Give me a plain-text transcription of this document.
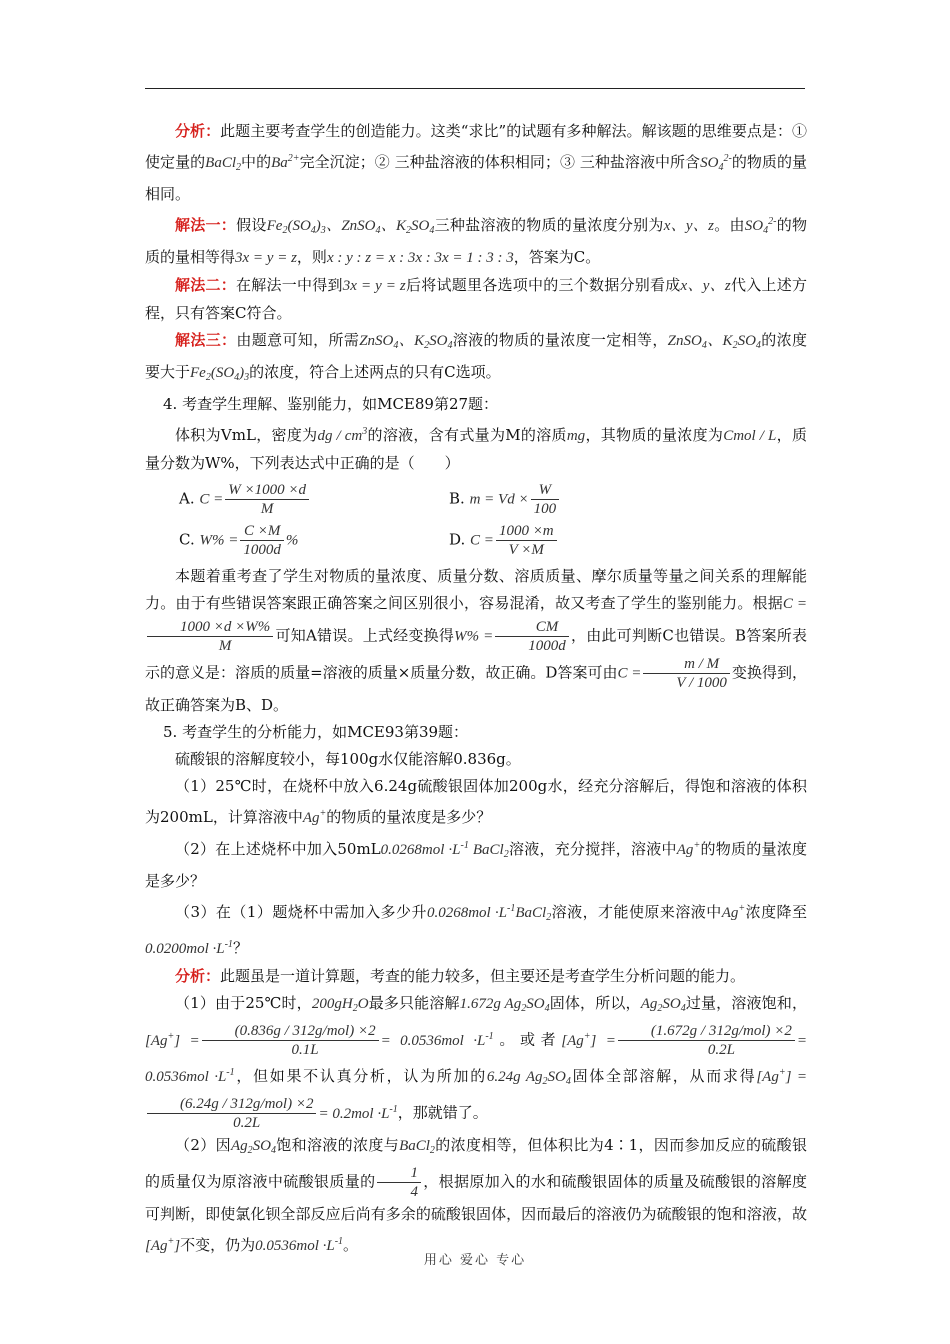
分析：此题主要考查学生的创造能力。这类“求比”的试题有多种解法。解该题的思维要点是：① 使定量的BaCl$_2$中的$Ba^{2+}$完全沉淀；② 三种盐溶液的体积相同；③ 三种盐溶液中所含$SO_4^{2-}$的物质的量相同。

解法一：假设$Fe_2(SO_4)_3$、ZnSO$_4$、$K_2SO_4$三种盐溶液的物质的量浓度分别为x、y、z。由$SO_4^{2-}$的物质的量相等得3x = y = z，则x : y : z = x : 3x : 3x = 1 : 3 : 3，答案为C。

解法二：在解法一中得到3x = y = z后将试题里各选项中的三个数据分别看成x、y、z代入上述方程，只有答案C符合。

解法三：由题意可知，所需ZnSO$_4$、$K_2SO_4$溶液的物质的量浓度一定相等，ZnSO$_4$、$K_2SO_4$的浓度要大于$Fe_2(SO_4)_3$的浓度，符合上述两点的只有C选项。

4. 考查学生理解、鉴别能力，如MCE89第27题：

体积为VmL，密度为dg / $cm^3$的溶液，含有式量为M的溶质mg，其物质的量浓度为Cmol / L，质量分数为W%，下列表达式中正确的是（　　）

A. $C = \frac{W \times 1000 \times d}{M}$	B. $m = Vd \times \frac{W}{100}$
C. $W\% = \frac{C \times M}{1000d}$ %	D. $C = \frac{1000 \times m}{V \times M}$

本题着重考查了学生对物质的量浓度、质量分数、溶质质量、摩尔质量等量之间关系的理解能力。由于有些错误答案跟正确答案之间区别很小，容易混淆，故又考查了学生的鉴别能力。根据C =
$\frac{1000 \times d \times W\%}{M}$ 可知A错误。上式经变换得$W\% = \frac{CM}{1000d}$ ，由此可判断C也错误。B答案所表示的意义是：溶质的质量=溶液的质量×质量分数，故正确。D答案可由$C = \frac{m / M}{V / 1000}$ 变换得到，故正确答案为B、D。

5. 考查学生的分析能力，如MCE93第39题：

硫酸银的溶解度较小，每100g水仅能溶解0.836g。

（1）25℃时，在烧杯中放入6.24g硫酸银固体加200g水，经充分溶解后，得饱和溶液的体积为200mL，计算溶液中Ag+的物质的量浓度是多少？

（2）在上述烧杯中加入$50mL0.0268mol \cdot L^{-1}$ BaCl$_2$溶液，充分搅拌，溶液中Ag+的物质的量浓度是多少？

（3）在（1）题烧杯中需加入多少升$0.0268mol \cdot L^{-1}BaCl_2$溶液，才能使原来溶液中Ag+浓度降至$0.0200mol \cdot L^{-1}$？

分析：此题虽是一道计算题，考查的能力较多，但主要还是考查学生分析问题的能力。

（1）由于25℃时，$200gH_2O$最多只能溶解1.672g $Ag_2SO_4$固体，所以，$Ag_2SO_4$过量，溶液饱和，$[Ag^+] = \frac{\text{(0.836g / 312g/mol) ×2}}{0.1L} = 0.0536mol \cdot L^{-1}$。或者$[Ag^+] = \frac{\text{(1.672g / 312g/mol) ×2}}{0.2L} = 0.0536mol \cdot L^{-1}$，但如果不认真分析，认为所加的6.24g $Ag_2SO_4$固体全部溶解，从而求得[Ag+] =
$\frac{\text{(6.24g / 312g/mol) ×2}}{0.2L} = 0.2mol \cdot L^{-1}$，那就错了。

（2）因$Ag_2SO_4$饱和溶液的浓度与BaCl$_2$的浓度相等，但体积比为4∶1，因而参加反应的硫酸银的质量仅为原溶液中硫酸银质量的 $\frac{1}{4}$ ，根据原加入的水和硫酸银固体的质量及硫酸银的溶解度可判断，即使氯化钡全部反应后尚有多余的硫酸银固体，因而最后的溶液仍为硫酸银的饱和溶液，故[Ag+]不变，仍为$0.0536mol \cdot L^{-1}$。

用心 爱心 专心
